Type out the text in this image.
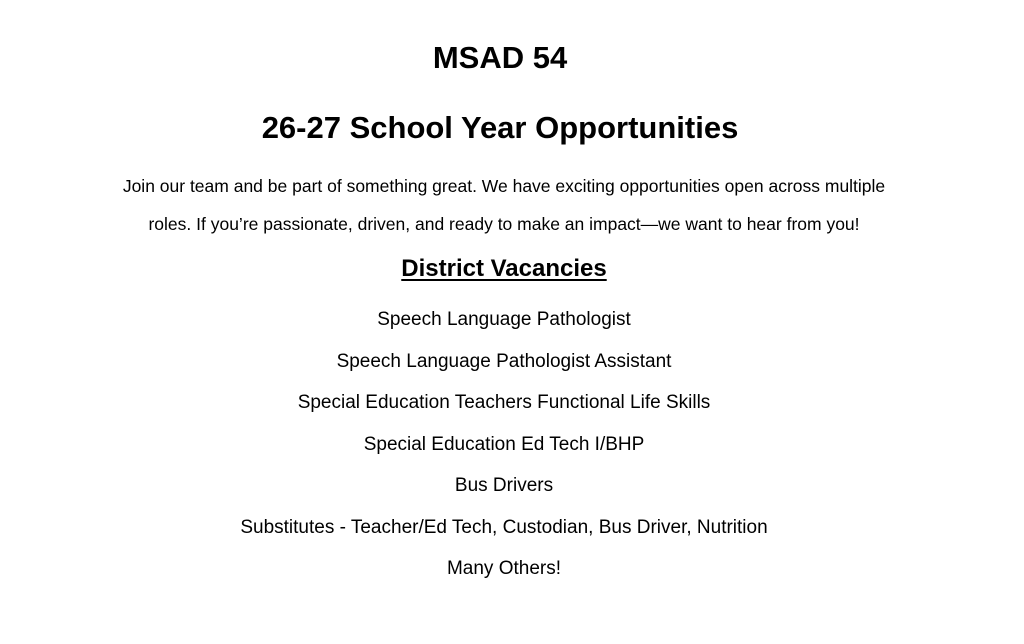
MSAD 54
26-27 School Year Opportunities

Join our team and be part of something great. We have exciting opportunities open across multiple

roles. If you’re passionate, driven, and ready to make an impact—we want to hear from you!

District Vacancies
Speech Language Pathologist
Speech Language Pathologist Assistant
Special Education Teachers Functional Life Skills
Special Education Ed Tech I/BHP
Bus Drivers
Substitutes - Teacher/Ed Tech, Custodian, Bus Driver, Nutrition
Many Others!
